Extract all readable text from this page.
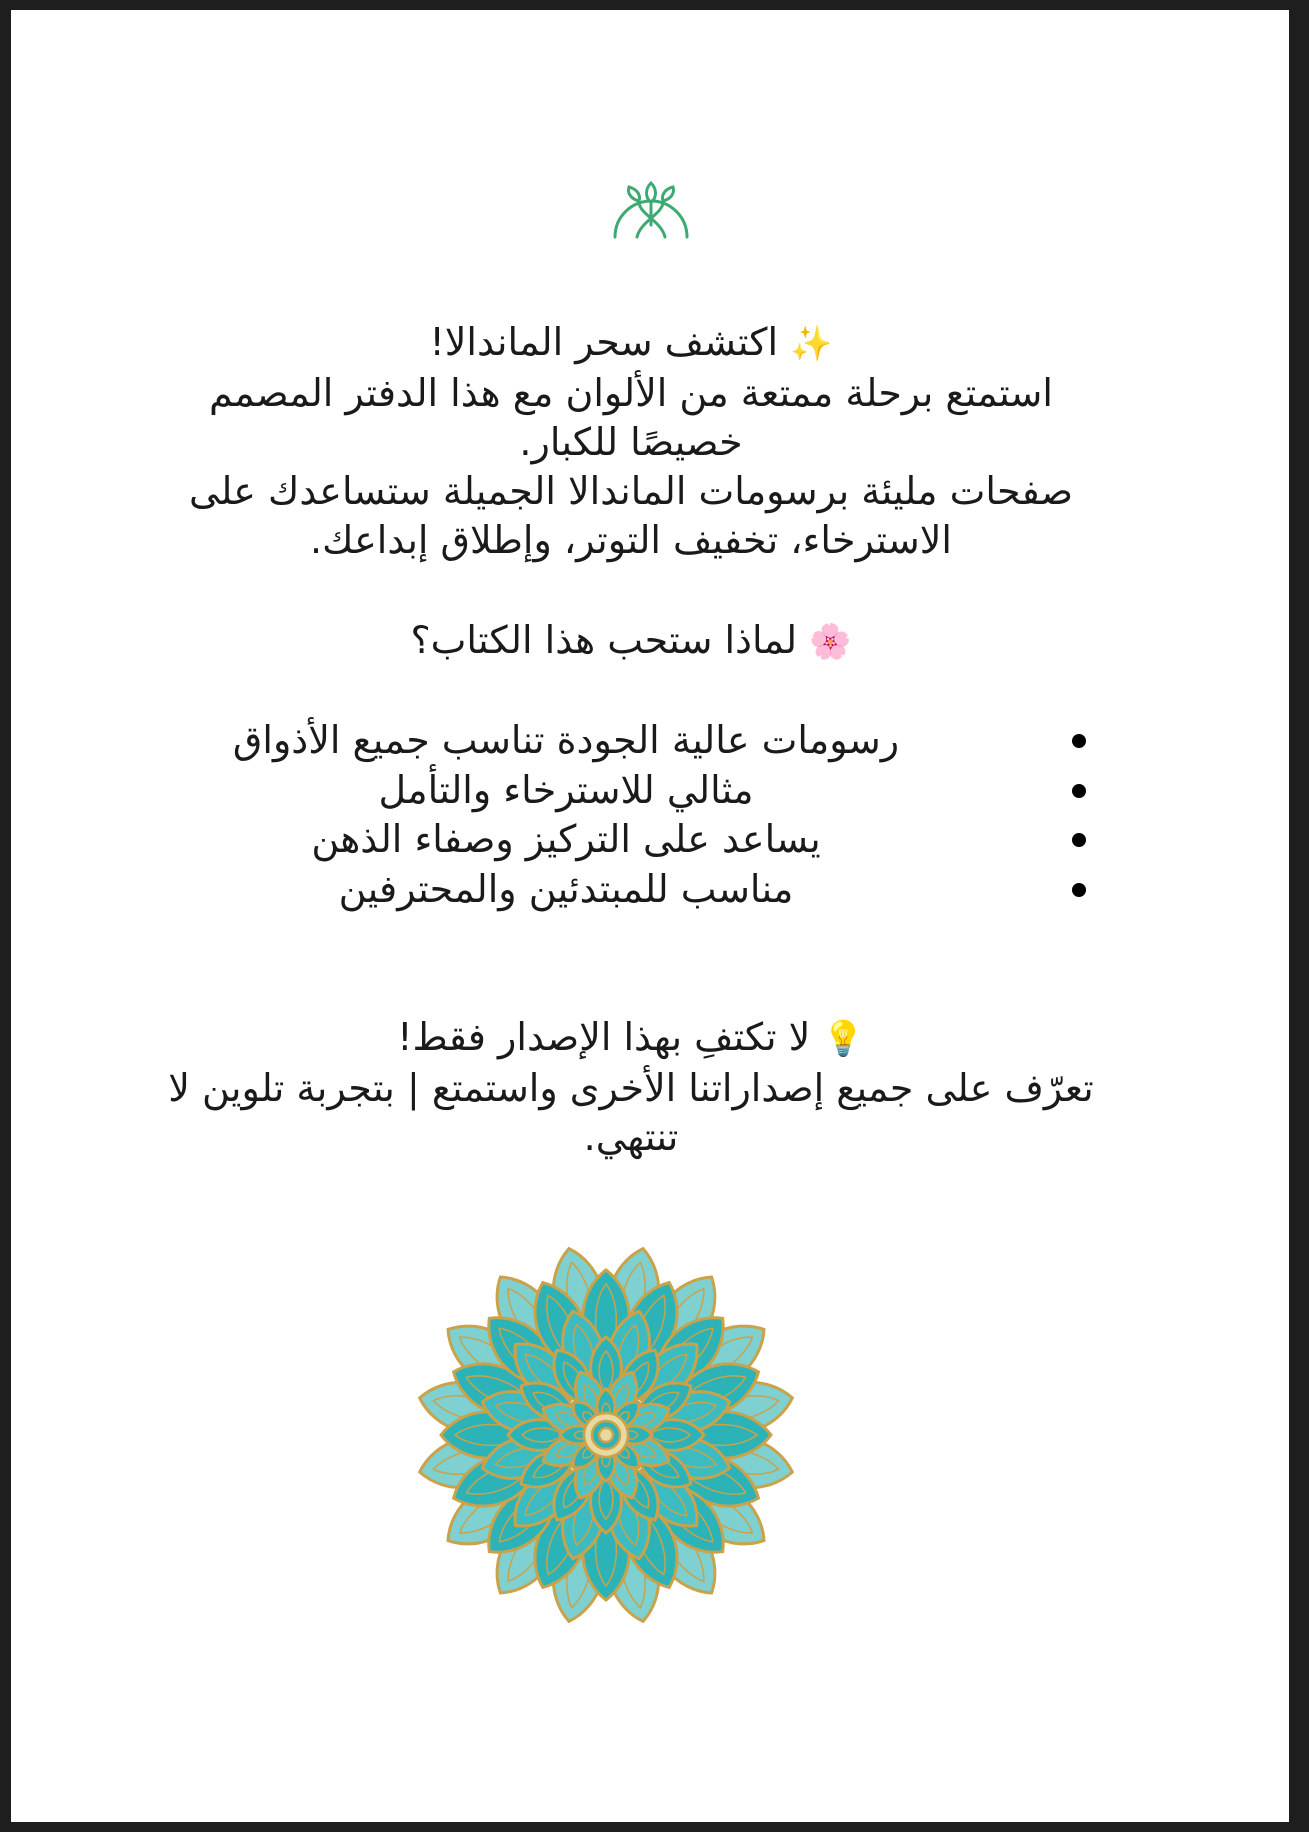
✨ اكتشف سحر الماندالا!
استمتع برحلة ممتعة من الألوان مع هذا الدفتر المصمم
خصيصًا للكبار.
صفحات مليئة برسومات الماندالا الجميلة ستساعدك على
الاسترخاء، تخفيف التوتر، وإطلاق إبداعك.
🌸 لماذا ستحب هذا الكتاب؟
رسومات عالية الجودة تناسب جميع الأذواق
مثالي للاسترخاء والتأمل
يساعد على التركيز وصفاء الذهن
مناسب للمبتدئين والمحترفين
💡 لا تكتفِ بهذا الإصدار فقط!
تعرّف على جميع إصداراتنا الأخرى واستمتع | بتجربة تلوين لا
تنتهي.
